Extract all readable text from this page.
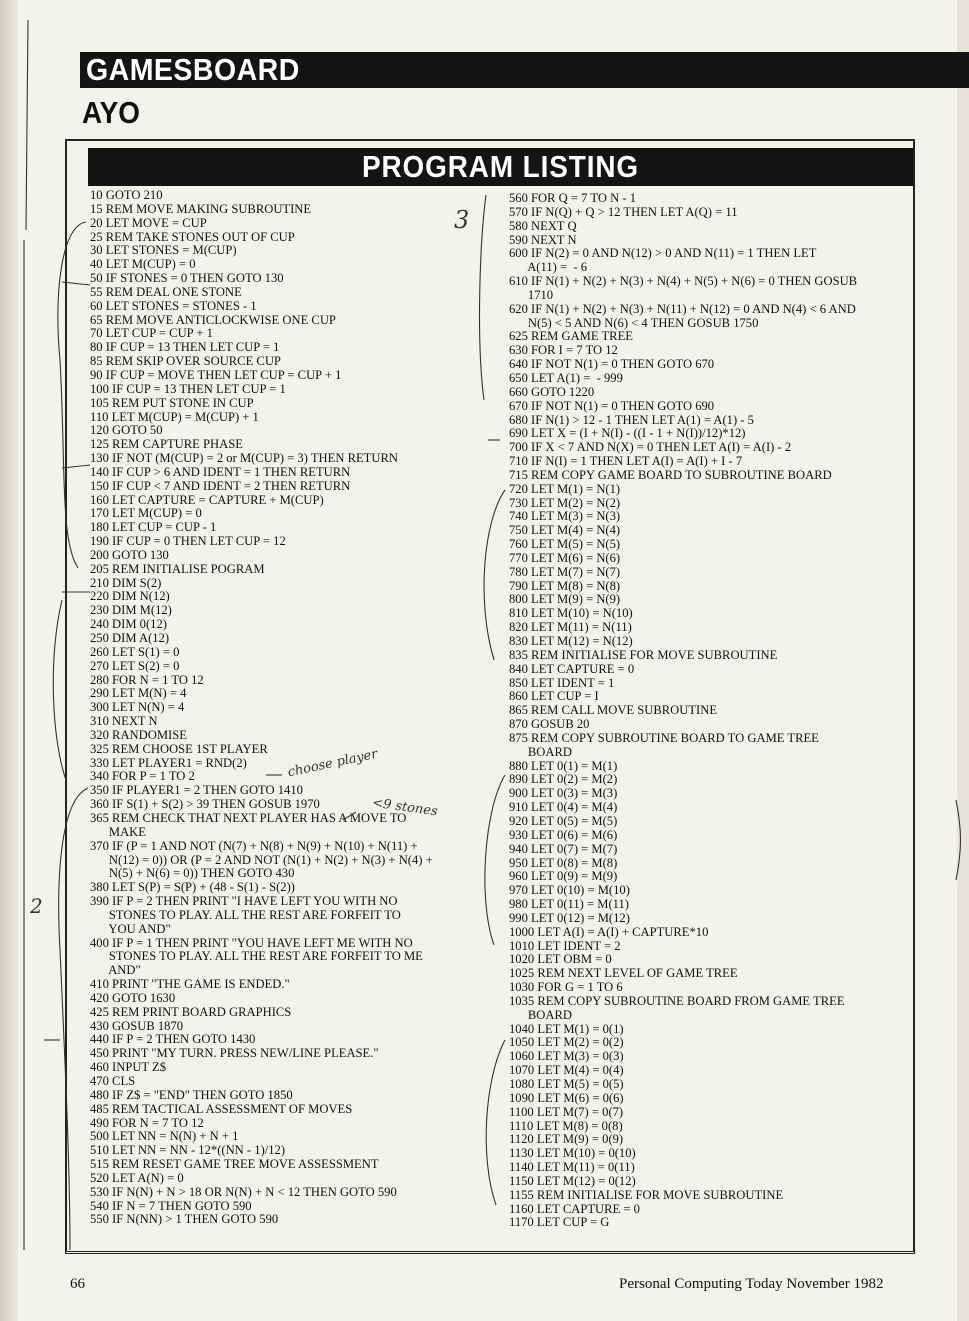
GAMESBOARD
AYO
PROGRAM LISTING
10 GOTO 210
15 REM MOVE MAKING SUBROUTINE
20 LET MOVE = CUP
25 REM TAKE STONES OUT OF CUP
30 LET STONES = M(CUP)
40 LET M(CUP) = 0
50 IF STONES = 0 THEN GOTO 130
55 REM DEAL ONE STONE
60 LET STONES = STONES - 1
65 REM MOVE ANTICLOCKWISE ONE CUP
70 LET CUP = CUP + 1
80 IF CUP = 13 THEN LET CUP = 1
85 REM SKIP OVER SOURCE CUP
90 IF CUP = MOVE THEN LET CUP = CUP + 1
100 IF CUP = 13 THEN LET CUP = 1
105 REM PUT STONE IN CUP
110 LET M(CUP) = M(CUP) + 1
120 GOTO 50
125 REM CAPTURE PHASE
130 IF NOT (M(CUP) = 2 or M(CUP) = 3) THEN RETURN
140 IF CUP > 6 AND IDENT = 1 THEN RETURN
150 IF CUP < 7 AND IDENT = 2 THEN RETURN
160 LET CAPTURE = CAPTURE + M(CUP)
170 LET M(CUP) = 0
180 LET CUP = CUP - 1
190 IF CUP = 0 THEN LET CUP = 12
200 GOTO 130
205 REM INITIALISE POGRAM
210 DIM S(2)
220 DIM N(12)
230 DIM M(12)
240 DIM 0(12)
250 DIM A(12)
260 LET S(1) = 0
270 LET S(2) = 0
280 FOR N = 1 TO 12
290 LET M(N) = 4
300 LET N(N) = 4
310 NEXT N
320 RANDOMISE
325 REM CHOOSE 1ST PLAYER
330 LET PLAYER1 = RND(2)
340 FOR P = 1 TO 2
350 IF PLAYER1 = 2 THEN GOTO 1410
360 IF S(1) + S(2) > 39 THEN GOSUB 1970
365 REM CHECK THAT NEXT PLAYER HAS A MOVE TO
MAKE
370 IF (P = 1 AND NOT (N(7) + N(8) + N(9) + N(10) + N(11) +
N(12) = 0)) OR (P = 2 AND NOT (N(1) + N(2) + N(3) + N(4) +
N(5) + N(6) = 0)) THEN GOTO 430
380 LET S(P) = S(P) + (48 - S(1) - S(2))
390 IF P = 2 THEN PRINT "I HAVE LEFT YOU WITH NO
STONES TO PLAY. ALL THE REST ARE FORFEIT TO
YOU AND"
400 IF P = 1 THEN PRINT "YOU HAVE LEFT ME WITH NO
STONES TO PLAY. ALL THE REST ARE FORFEIT TO ME
AND"
410 PRINT "THE GAME IS ENDED."
420 GOTO 1630
425 REM PRINT BOARD GRAPHICS
430 GOSUB 1870
440 IF P = 2 THEN GOTO 1430
450 PRINT "MY TURN. PRESS NEW/LINE PLEASE."
460 INPUT Z$
470 CLS
480 IF Z$ = "END" THEN GOTO 1850
485 REM TACTICAL ASSESSMENT OF MOVES
490 FOR N = 7 TO 12
500 LET NN = N(N) + N + 1
510 LET NN = NN - 12*((NN - 1)/12)
515 REM RESET GAME TREE MOVE ASSESSMENT
520 LET A(N) = 0
530 IF N(N) + N > 18 OR N(N) + N < 12 THEN GOTO 590
540 IF N = 7 THEN GOTO 590
550 IF N(NN) > 1 THEN GOTO 590
560 FOR Q = 7 TO N - 1
570 IF N(Q) + Q > 12 THEN LET A(Q) = 11
580 NEXT Q
590 NEXT N
600 IF N(2) = 0 AND N(12) > 0 AND N(11) = 1 THEN LET
A(11) =  - 6
610 IF N(1) + N(2) + N(3) + N(4) + N(5) + N(6) = 0 THEN GOSUB
1710
620 IF N(1) + N(2) + N(3) + N(11) + N(12) = 0 AND N(4) < 6 AND
N(5) < 5 AND N(6) < 4 THEN GOSUB 1750
625 REM GAME TREE
630 FOR I = 7 TO 12
640 IF NOT N(1) = 0 THEN GOTO 670
650 LET A(1) =  - 999
660 GOTO 1220
670 IF NOT N(1) = 0 THEN GOTO 690
680 IF N(1) > 12 - 1 THEN LET A(1) = A(1) - 5
690 LET X = (I + N(I) - ((I - 1 + N(I))/12)*12)
700 IF X < 7 AND N(X) = 0 THEN LET A(I) = A(I) - 2
710 IF N(I) = 1 THEN LET A(I) = A(I) + I - 7
715 REM COPY GAME BOARD TO SUBROUTINE BOARD
720 LET M(1) = N(1)
730 LET M(2) = N(2)
740 LET M(3) = N(3)
750 LET M(4) = N(4)
760 LET M(5) = N(5)
770 LET M(6) = N(6)
780 LET M(7) = N(7)
790 LET M(8) = N(8)
800 LET M(9) = N(9)
810 LET M(10) = N(10)
820 LET M(11) = N(11)
830 LET M(12) = N(12)
835 REM INITIALISE FOR MOVE SUBROUTINE
840 LET CAPTURE = 0
850 LET IDENT = 1
860 LET CUP = I
865 REM CALL MOVE SUBROUTINE
870 GOSUB 20
875 REM COPY SUBROUTINE BOARD TO GAME TREE
BOARD
880 LET 0(1) = M(1)
890 LET 0(2) = M(2)
900 LET 0(3) = M(3)
910 LET 0(4) = M(4)
920 LET 0(5) = M(5)
930 LET 0(6) = M(6)
940 LET 0(7) = M(7)
950 LET 0(8) = M(8)
960 LET 0(9) = M(9)
970 LET 0(10) = M(10)
980 LET 0(11) = M(11)
990 LET 0(12) = M(12)
1000 LET A(I) = A(I) + CAPTURE*10
1010 LET IDENT = 2
1020 LET OBM = 0
1025 REM NEXT LEVEL OF GAME TREE
1030 FOR G = 1 TO 6
1035 REM COPY SUBROUTINE BOARD FROM GAME TREE
BOARD
1040 LET M(1) = 0(1)
1050 LET M(2) = 0(2)
1060 LET M(3) = 0(3)
1070 LET M(4) = 0(4)
1080 LET M(5) = 0(5)
1090 LET M(6) = 0(6)
1100 LET M(7) = 0(7)
1110 LET M(8) = 0(8)
1120 LET M(9) = 0(9)
1130 LET M(10) = 0(10)
1140 LET M(11) = 0(11)
1150 LET M(12) = 0(12)
1155 REM INITIALISE FOR MOVE SUBROUTINE
1160 LET CAPTURE = 0
1170 LET CUP = G
choose player
<9 stones
3
2
66	Personal Computing Today November 1982
